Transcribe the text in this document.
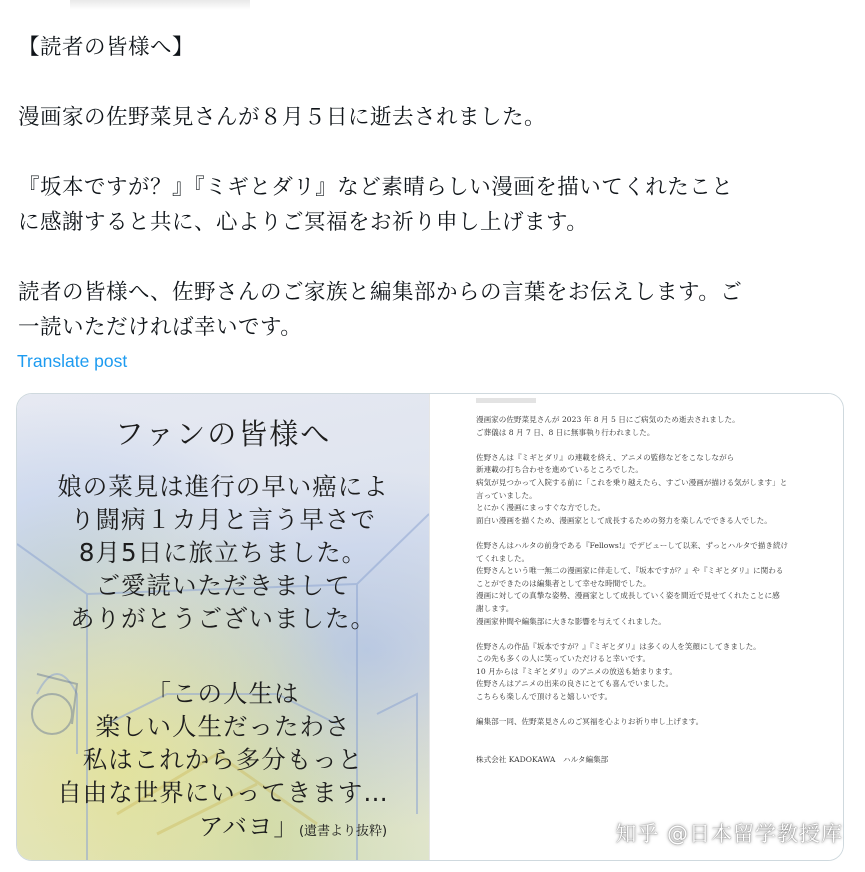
【読者の皆様へ】

漫画家の佐野菜見さんが８月５日に逝去されました。

『坂本ですが？』『ミギとダリ』など素晴らしい漫画を描いてくれたこと

に感謝すると共に、心よりご冥福をお祈り申し上げます。

読者の皆様へ、佐野さんのご家族と編集部からの言葉をお伝えします。ご

一読いただければ幸いです。

Translate post
ファンの皆様へ
娘の菜見は進行の早い癌によ
り闘病１カ月と言う早さで
8月5日に旅立ちました。
ご愛読いただきまして
ありがとうございました。
「この人生は
楽しい人生だったわさ
私はこれから多分もっと
自由な世界にいってきます…
アバヨ」(遺書より抜粋)

漫画家の佐野菜見さんが 2023 年 8 月 5 日にご病気のため逝去されました。

ご葬儀は 8 月 7 日、8 日に無事執り行われました。

佐野さんは『ミギとダリ』の連載を終え、アニメの監修などをこなしながら

新連載の打ち合わせを進めているところでした。

病気が見つかって入院する前に「これを乗り越えたら、すごい漫画が描ける気がします」と

言っていました。

とにかく漫画にまっすぐな方でした。

面白い漫画を描くため、漫画家として成長するための努力を楽しんでできる人でした。

佐野さんはハルタの前身である『Fellows!』でデビューして以来、ずっとハルタで描き続け

てくれました。

佐野さんという唯一無二の漫画家に伴走して、『坂本ですが？』や『ミギとダリ』に関わる

ことができたのは編集者として幸せな時間でした。

漫画に対しての真摯な姿勢、漫画家として成長していく姿を間近で見せてくれたことに感

謝します。

漫画家仲間や編集部に大きな影響を与えてくれました。

佐野さんの作品『坂本ですが？』『ミギとダリ』は多くの人を笑顔にしてきました。

この先も多くの人に笑っていただけると幸いです。

10 月からは『ミギとダリ』のアニメの放送も始まります。

佐野さんはアニメの出来の良さにとても喜んでいました。

こちらも楽しんで頂けると嬉しいです。

編集部一同、佐野菜見さんのご冥福を心よりお祈り申し上げます。

株式会社 KADOKAWA　ハルタ編集部

知乎 @日本留学教授库
